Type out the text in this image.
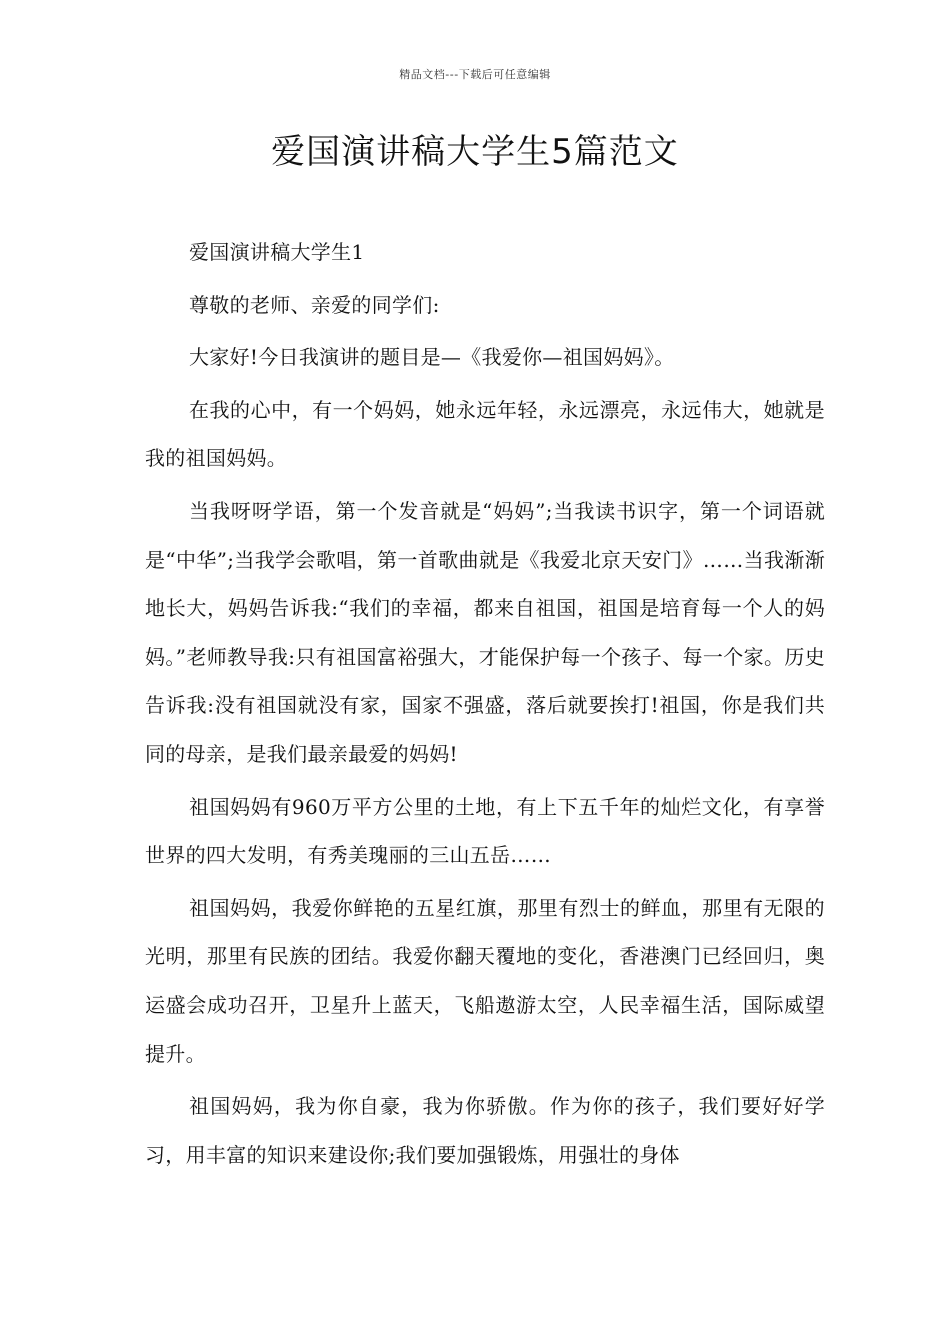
精品文档---下载后可任意编辑
爱国演讲稿大学生5篇范文

爱国演讲稿大学生1

尊敬的老师、亲爱的同学们:

大家好!今日我演讲的题目是—《我爱你—祖国妈妈》。

在我的心中，有一个妈妈，她永远年轻，永远漂亮，永远伟大，她就是我的祖国妈妈。

当我呀呀学语，第一个发音就是“妈妈”;当我读书识字，第一个词语就是“中华”;当我学会歌唱，第一首歌曲就是《我爱北京天安门》……当我渐渐地长大，妈妈告诉我:“我们的幸福，都来自祖国，祖国是培育每一个人的妈妈。”老师教导我:只有祖国富裕强大，才能保护每一个孩子、每一个家。历史告诉我:没有祖国就没有家，国家不强盛，落后就要挨打!祖国，你是我们共同的母亲，是我们最亲最爱的妈妈!

祖国妈妈有960万平方公里的土地，有上下五千年的灿烂文化，有享誉世界的四大发明，有秀美瑰丽的三山五岳……

祖国妈妈，我爱你鲜艳的五星红旗，那里有烈士的鲜血，那里有无限的光明，那里有民族的团结。我爱你翻天覆地的变化，香港澳门已经回归，奥运盛会成功召开，卫星升上蓝天，飞船遨游太空，人民幸福生活，国际威望提升。

祖国妈妈，我为你自豪，我为你骄傲。作为你的孩子，我们要好好学习，用丰富的知识来建设你;我们要加强锻炼，用强壮的身体
